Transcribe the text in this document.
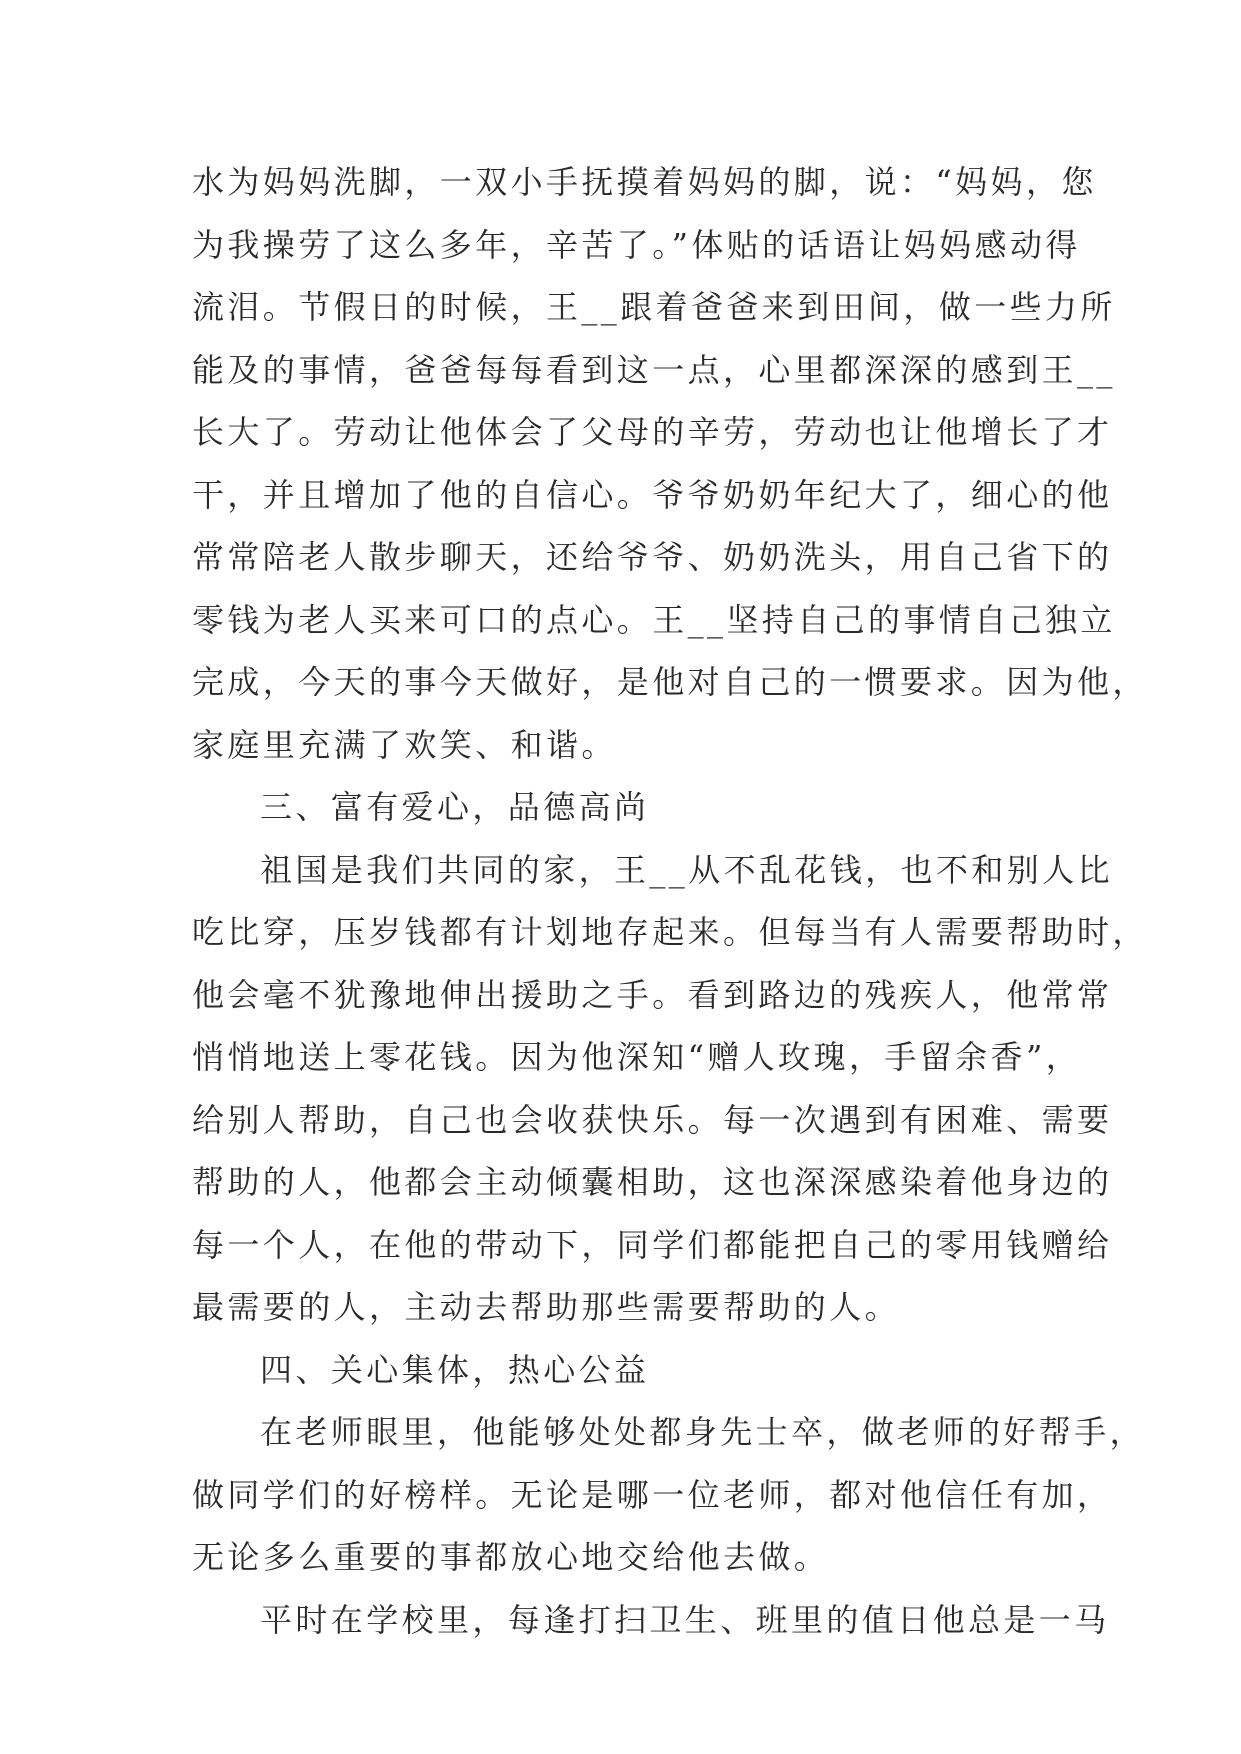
水为妈妈洗脚，一双小手抚摸着妈妈的脚，说：“妈妈，您
为我操劳了这么多年，辛苦了。”体贴的话语让妈妈感动得
流泪。节假日的时候，王__跟着爸爸来到田间，做一些力所
能及的事情，爸爸每每看到这一点，心里都深深的感到王__
长大了。劳动让他体会了父母的辛劳，劳动也让他增长了才
干，并且增加了他的自信心。爷爷奶奶年纪大了，细心的他
常常陪老人散步聊天，还给爷爷、奶奶洗头，用自己省下的
零钱为老人买来可口的点心。王__坚持自己的事情自己独立
完成，今天的事今天做好，是他对自己的一惯要求。因为他，
家庭里充满了欢笑、和谐。
三、富有爱心，品德高尚
祖国是我们共同的家，王__从不乱花钱，也不和别人比
吃比穿，压岁钱都有计划地存起来。但每当有人需要帮助时，
他会毫不犹豫地伸出援助之手。看到路边的残疾人，他常常
悄悄地送上零花钱。因为他深知“赠人玫瑰，手留余香”，
给别人帮助，自己也会收获快乐。每一次遇到有困难、需要
帮助的人，他都会主动倾囊相助，这也深深感染着他身边的
每一个人，在他的带动下，同学们都能把自己的零用钱赠给
最需要的人，主动去帮助那些需要帮助的人。
四、关心集体，热心公益
在老师眼里，他能够处处都身先士卒，做老师的好帮手，
做同学们的好榜样。无论是哪一位老师，都对他信任有加，
无论多么重要的事都放心地交给他去做。
平时在学校里，每逢打扫卫生、班里的值日他总是一马
